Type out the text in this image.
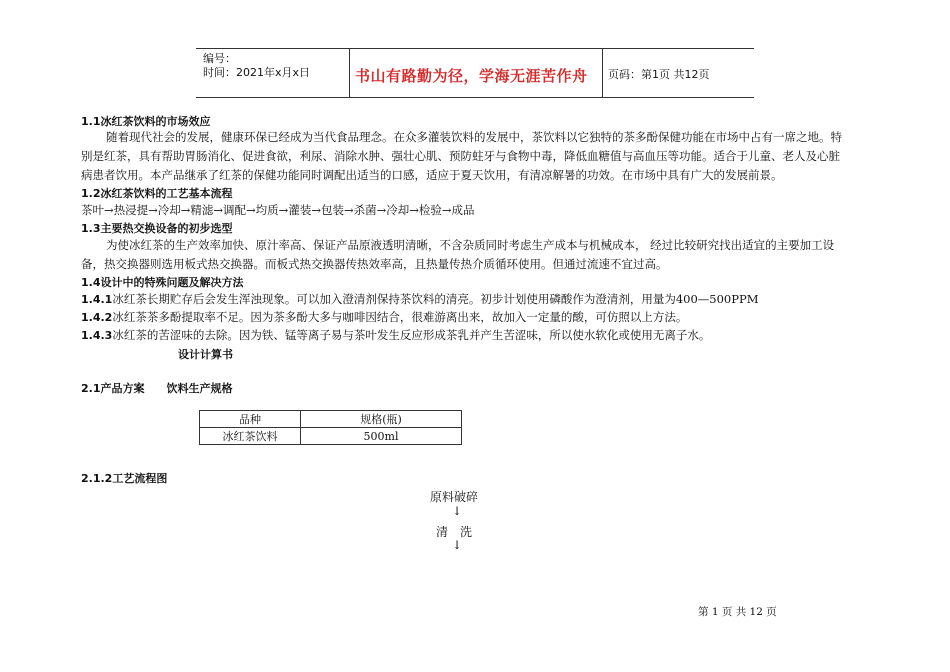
编号：
时间：2021年x月x日	书山有路勤为径，学海无涯苦作舟 页码：第1页 共12页
1.1冰红茶饮料的市场效应
随着现代社会的发展，健康环保已经成为当代食品理念。在众多灌装饮料的发展中，茶饮料以它独特的茶多酚保健功能在市场中占有一席之地。特
别是红茶，具有帮助胃肠消化、促进食欲，利尿、消除水肿、强壮心肌、预防蛀牙与食物中毒，降低血糖值与高血压等功能。适合于儿童、老人及心脏
病患者饮用。本产品继承了红茶的保健功能同时调配出适当的口感，适应于夏天饮用，有清凉解暑的功效。在市场中具有广大的发展前景。
1.2冰红茶饮料的工艺基本流程
茶叶→热浸提→冷却→精滤→调配→均质→灌装→包装→杀菌→冷却→检验→成品
1.3主要热交换设备的初步选型
为使冰红茶的生产效率加快、原汁率高、保证产品原液透明清晰，不含杂质同时考虑生产成本与机械成本， 经过比较研究找出适宜的主要加工设
备，热交换器则选用板式热交换器。而板式热交换器传热效率高，且热量传热介质循环使用。但通过流速不宜过高。
1.4设计中的特殊问题及解决方法
1.4.1冰红茶长期贮存后会发生浑浊现象。可以加入澄清剂保持茶饮料的清亮。初步计划使用磷酸作为澄清剂，用量为400—500PPM
1.4.2冰红茶茶多酚提取率不足。因为茶多酚大多与咖啡因结合，很难游离出来，故加入一定量的酸，可仿照以上方法。
1.4.3冰红茶的苦涩味的去除。因为铁、锰等离子易与茶叶发生反应形成茶乳并产生苦涩味，所以使水软化或使用无离子水。
设计计算书
2.1产品方案　　饮料生产规格
品种	规格(瓶)
冰红茶饮料	500ml
2.1.2工艺流程图
原料破碎
↓
清　洗
↓
第 1 页 共 12 页
